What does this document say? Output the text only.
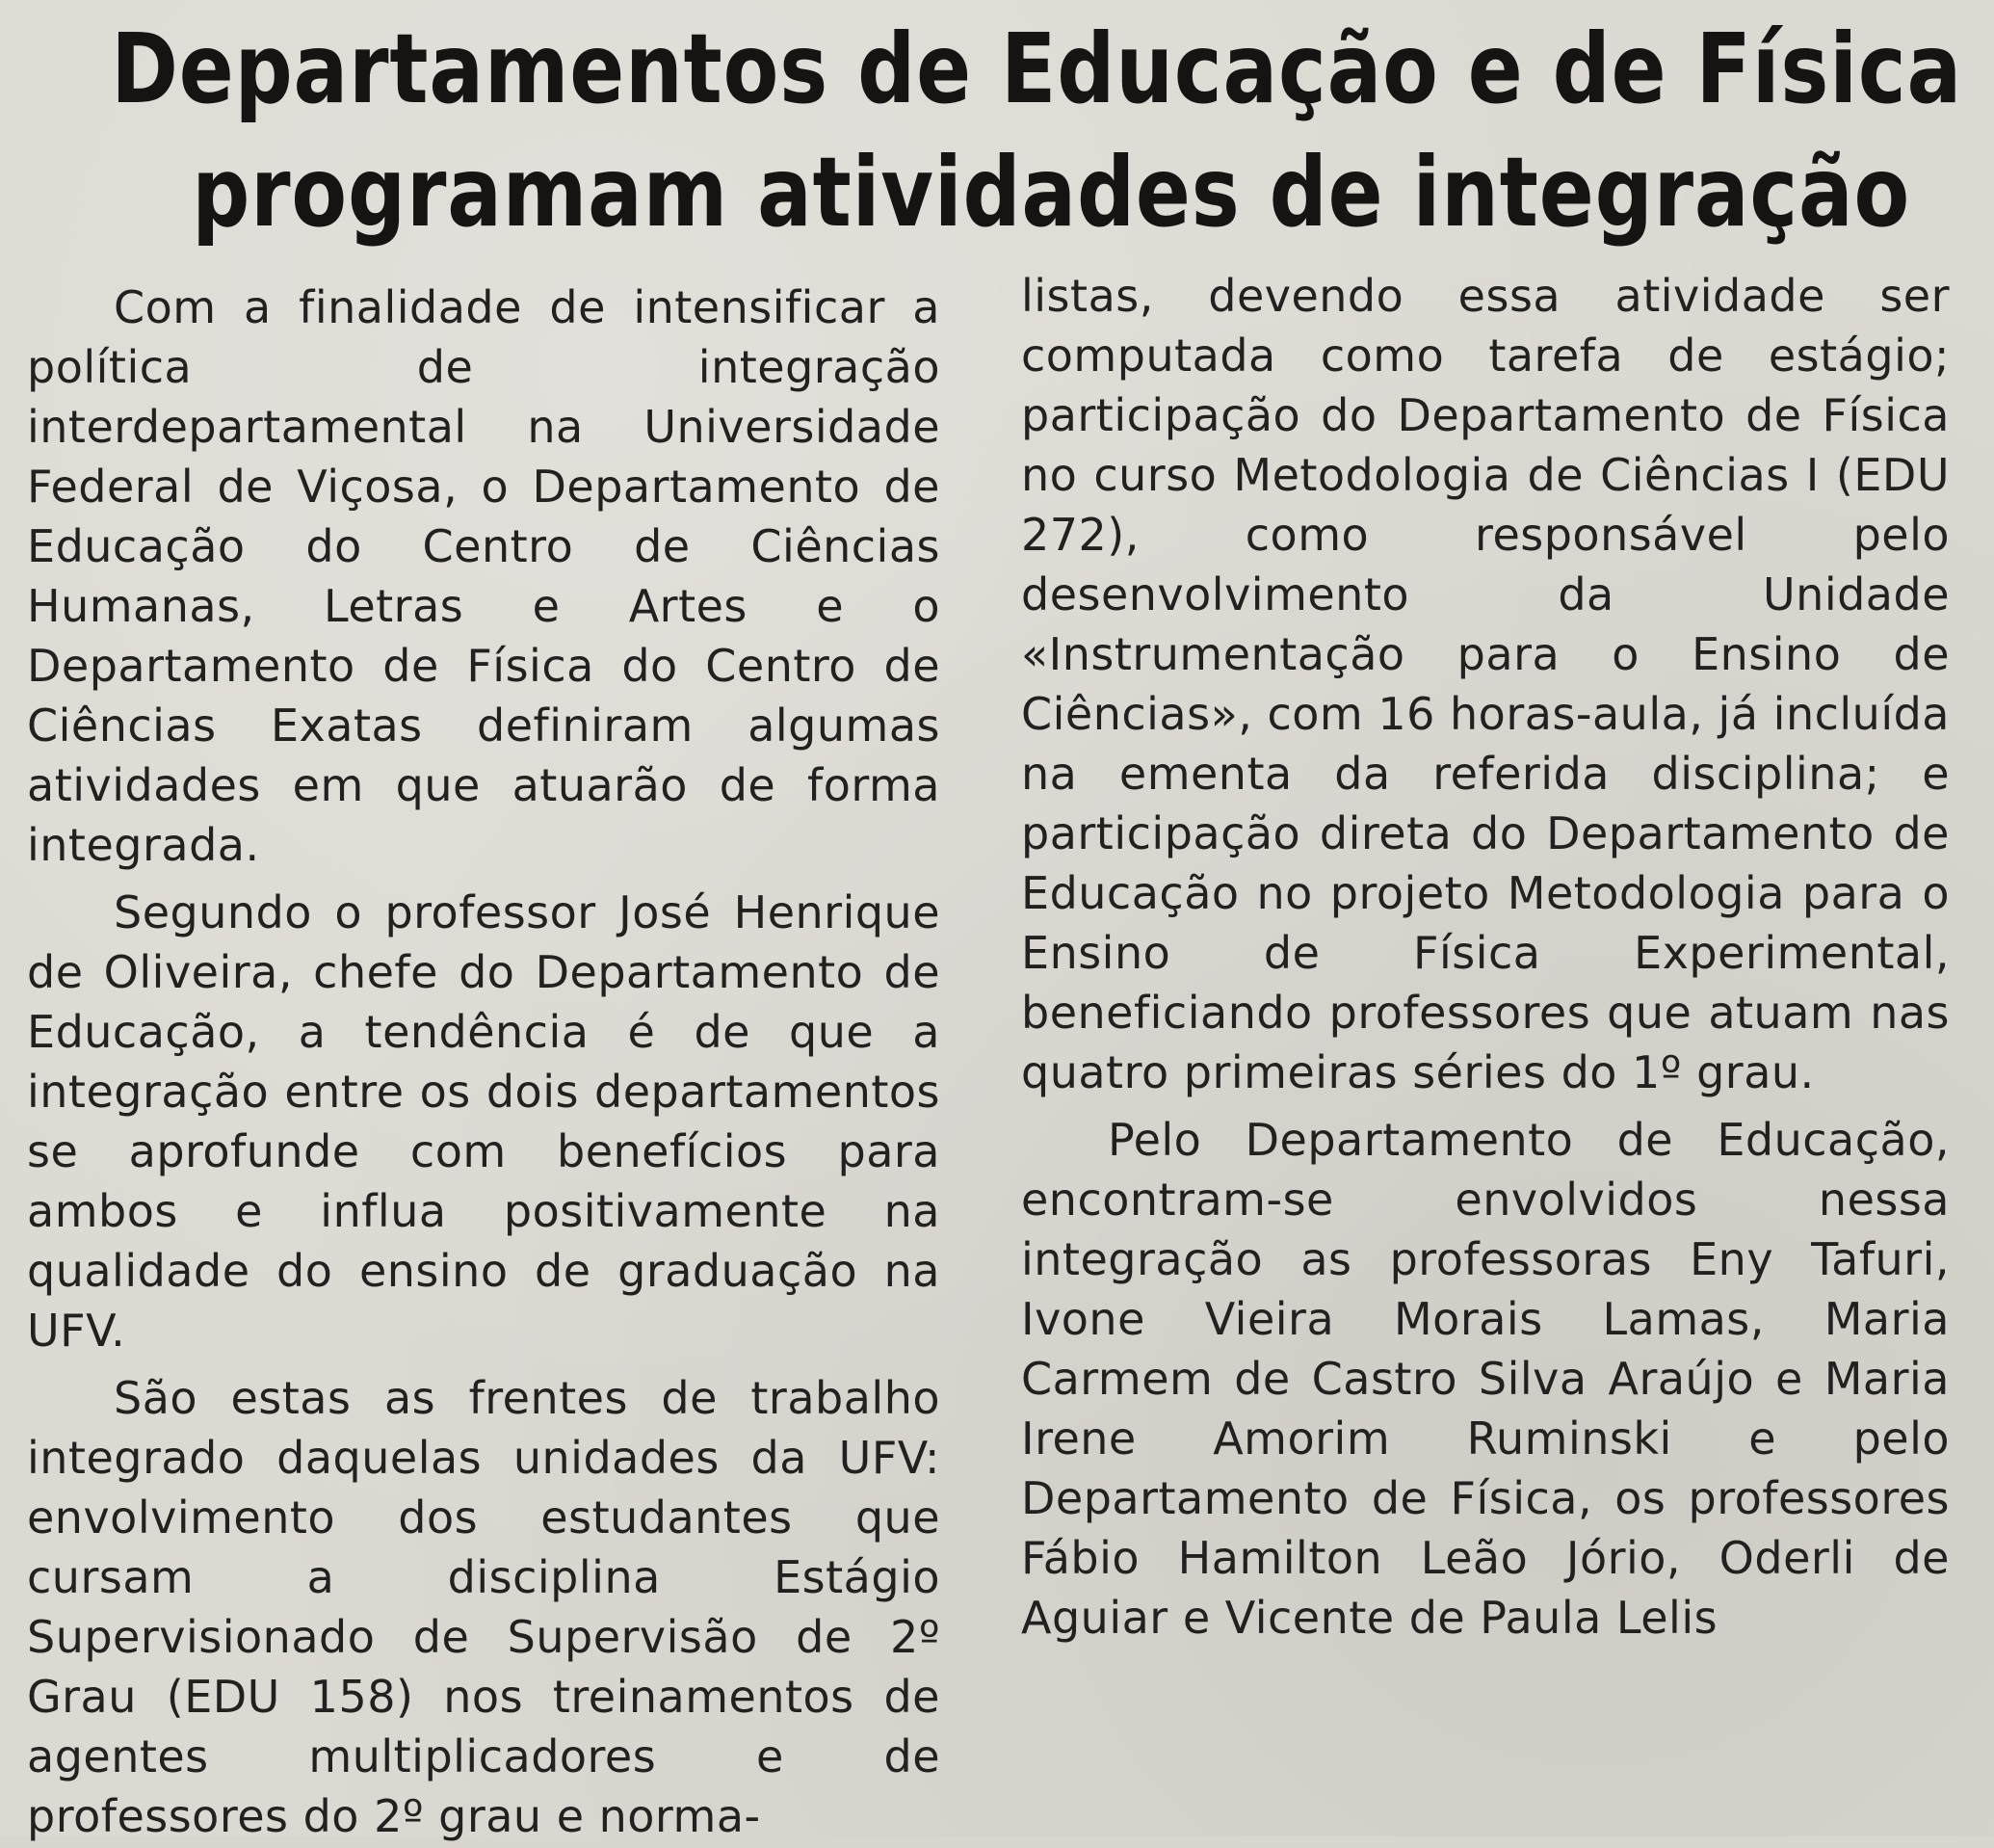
Departamentos de Educação e de Física
programam atividades de integração

Com a finalidade de intensificar a política de integração interdepartamental na Universidade Federal de Viçosa, o Departamento de Educação do Centro de Ciências Humanas, Letras e Artes e o Departamento de Física do Centro de Ciências Exatas definiram algumas atividades em que atuarão de forma integrada.

Segundo o professor José Henrique de Oliveira, chefe do Departamento de Educação, a tendência é de que a integração entre os dois departamentos se aprofunde com benefícios para ambos e influa positivamente na qualidade do ensino de graduação na UFV.

São estas as frentes de trabalho integrado daquelas unidades da UFV: envolvimento dos estudantes que cursam a disciplina Estágio Supervisionado de Supervisão de 2º Grau (EDU 158) nos treinamentos de agentes multiplicadores e de professores do 2º grau e norma-

listas, devendo essa atividade ser computada como tarefa de estágio; participação do Departamento de Física no curso Metodologia de Ciências I (EDU 272), como responsável pelo desenvolvimento da Unidade «Instrumentação para o Ensino de Ciências», com 16 horas-aula, já incluída na ementa da referida disciplina; e participação direta do Departamento de Educação no projeto Metodologia para o Ensino de Física Experimental, beneficiando professores que atuam nas quatro primeiras séries do 1º grau.

Pelo Departamento de Educação, encontram-se envolvidos nessa integração as professoras Eny Tafuri, Ivone Vieira Morais Lamas, Maria Carmem de Castro Silva Araújo e Maria Irene Amorim Ruminski e pelo Departamento de Física, os professores Fábio Hamilton Leão Jório, Oderli de Aguiar e Vicente de Paula Lelis
